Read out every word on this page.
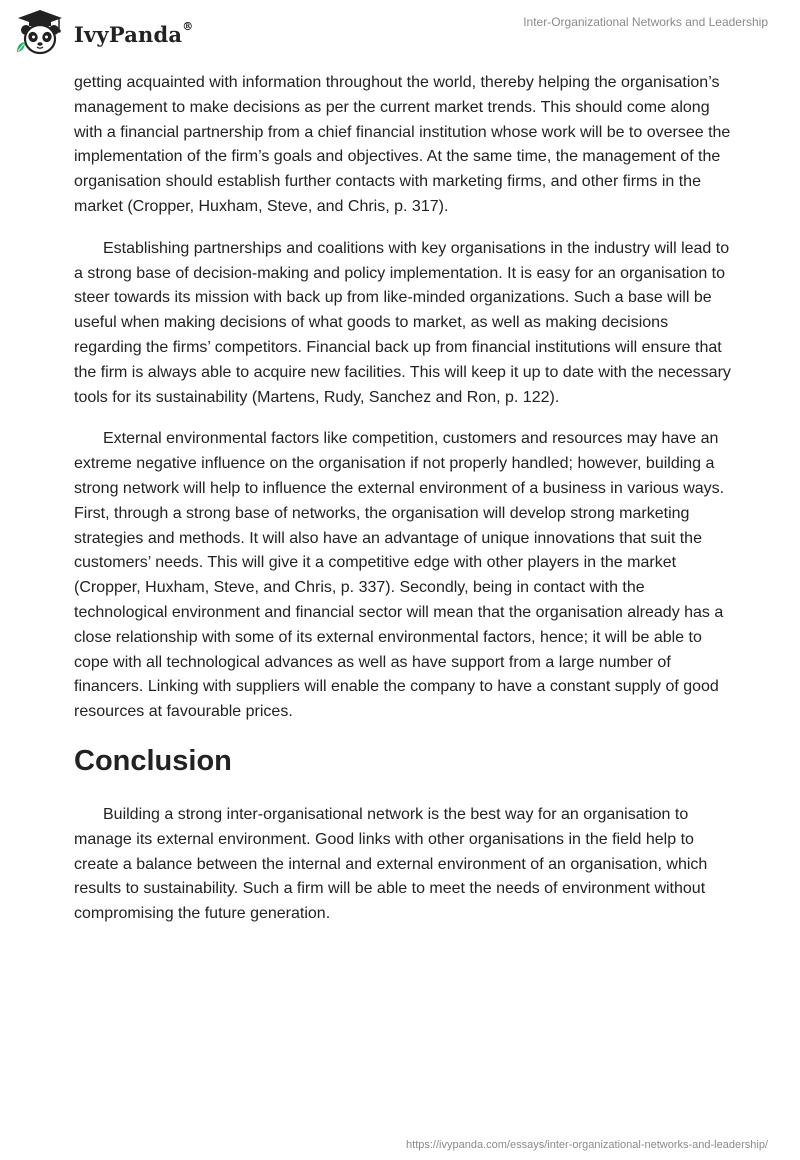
IvyPanda®	Inter-Organizational Networks and Leadership

getting acquainted with information throughout the world, thereby helping the organisation’s management to make decisions as per the current market trends. This should come along with a financial partnership from a chief financial institution whose work will be to oversee the implementation of the firm’s goals and objectives. At the same time, the management of the organisation should establish further contacts with marketing firms, and other firms in the market (Cropper, Huxham, Steve, and Chris, p. 317).

Establishing partnerships and coalitions with key organisations in the industry will lead to a strong base of decision-making and policy implementation. It is easy for an organisation to steer towards its mission with back up from like-minded organizations. Such a base will be useful when making decisions of what goods to market, as well as making decisions regarding the firms’ competitors. Financial back up from financial institutions will ensure that the firm is always able to acquire new facilities. This will keep it up to date with the necessary tools for its sustainability (Martens, Rudy, Sanchez and Ron, p. 122).

External environmental factors like competition, customers and resources may have an extreme negative influence on the organisation if not properly handled; however, building a strong network will help to influence the external environment of a business in various ways. First, through a strong base of networks, the organisation will develop strong marketing strategies and methods. It will also have an advantage of unique innovations that suit the customers’ needs. This will give it a competitive edge with other players in the market (Cropper, Huxham, Steve, and Chris, p. 337). Secondly, being in contact with the technological environment and financial sector will mean that the organisation already has a close relationship with some of its external environmental factors, hence; it will be able to cope with all technological advances as well as have support from a large number of financers. Linking with suppliers will enable the company to have a constant supply of good resources at favourable prices.

Conclusion

Building a strong inter-organisational network is the best way for an organisation to manage its external environment. Good links with other organisations in the field help to create a balance between the internal and external environment of an organisation, which results to sustainability. Such a firm will be able to meet the needs of environment without compromising the future generation.

https://ivypanda.com/essays/inter-organizational-networks-and-leadership/
